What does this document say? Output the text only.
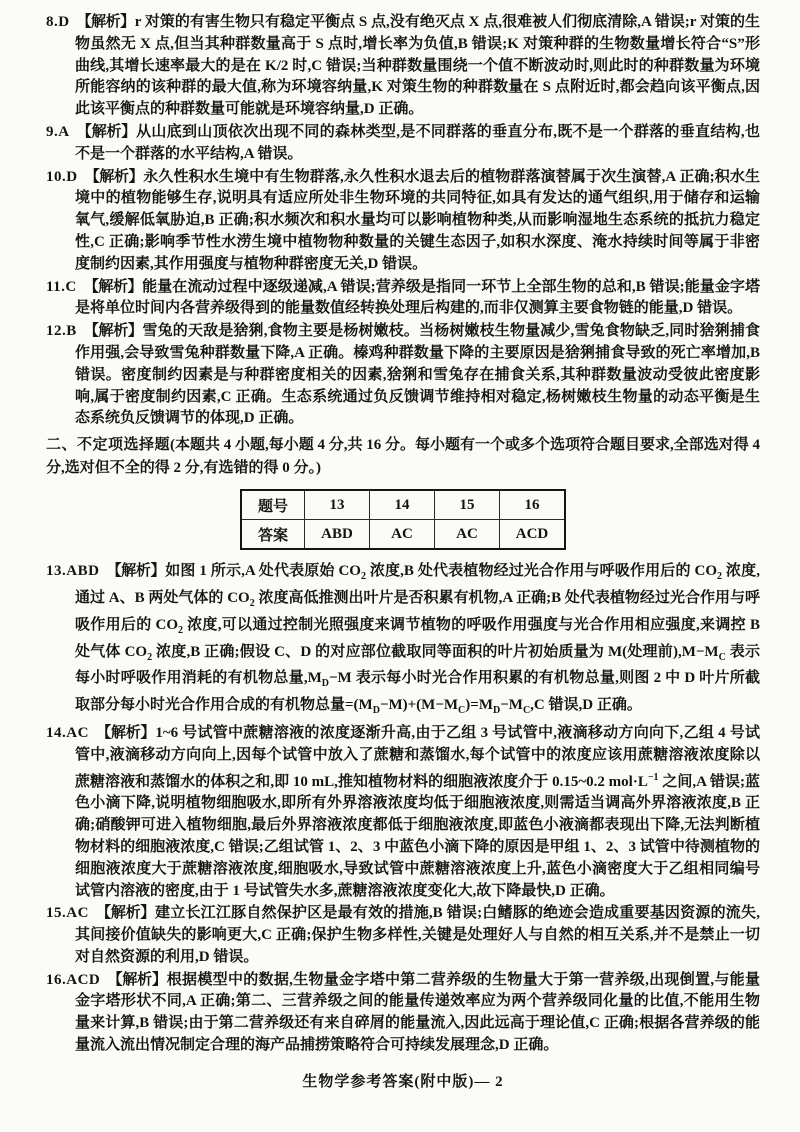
8.D 【解析】r 对策的有害生物只有稳定平衡点 S 点,没有绝灭点 X 点,很难被人们彻底清除,A 错误;r 对策的生物虽然无 X 点,但当其种群数量高于 S 点时,增长率为负值,B 错误;K 对策种群的生物数量增长符合“S”形曲线,其增长速率最大的是在 K/2 时,C 错误;当种群数量围绕一个值不断波动时,则此时的种群数量为环境所能容纳的该种群的最大值,称为环境容纳量,K 对策生物的种群数量在 S 点附近时,都会趋向该平衡点,因此该平衡点的种群数量可能就是环境容纳量,D 正确。

9.A 【解析】从山底到山顶依次出现不同的森林类型,是不同群落的垂直分布,既不是一个群落的垂直结构,也不是一个群落的水平结构,A 错误。

10.D 【解析】永久性积水生境中有生物群落,永久性积水退去后的植物群落演替属于次生演替,A 正确;积水生境中的植物能够生存,说明具有适应所处非生物环境的共同特征,如具有发达的通气组织,用于储存和运输氧气,缓解低氧胁迫,B 正确;积水频次和积水量均可以影响植物种类,从而影响湿地生态系统的抵抗力稳定性,C 正确;影响季节性水涝生境中植物物种数量的关键生态因子,如积水深度、淹水持续时间等属于非密度制约因素,其作用强度与植物种群密度无关,D 错误。

11.C 【解析】能量在流动过程中逐级递减,A 错误;营养级是指同一环节上全部生物的总和,B 错误;能量金字塔是将单位时间内各营养级得到的能量数值经转换处理后构建的,而非仅测算主要食物链的能量,D 错误。

12.B 【解析】雪兔的天敌是猞猁,食物主要是杨树嫩枝。当杨树嫩枝生物量减少,雪兔食物缺乏,同时猞猁捕食作用强,会导致雪兔种群数量下降,A 正确。榛鸡种群数量下降的主要原因是猞猁捕食导致的死亡率增加,B 错误。密度制约因素是与种群密度相关的因素,猞猁和雪兔存在捕食关系,其种群数量波动受彼此密度影响,属于密度制约因素,C 正确。生态系统通过负反馈调节维持相对稳定,杨树嫩枝生物量的动态平衡是生态系统负反馈调节的体现,D 正确。

二、不定项选择题(本题共 4 小题,每小题 4 分,共 16 分。每小题有一个或多个选项符合题目要求,全部选对得 4 分,选对但不全的得 2 分,有选错的得 0 分。)

题号	13	14	15	16
答案	ABD	AC	AC	ACD

13.ABD 【解析】如图 1 所示,A 处代表原始 $CO_2$ 浓度,B 处代表植物经过光合作用与呼吸作用后的 $CO_2$ 浓度,通过 A、B 两处气体的 $CO_2$ 浓度高低推测出叶片是否积累有机物,A 正确;B 处代表植物经过光合作用与呼吸作用后的 $CO_2$ 浓度,可以通过控制光照强度来调节植物的呼吸作用强度与光合作用相应强度,来调控 B 处气体 $CO_2$ 浓度,B 正确;假设 C、D 的对应部位截取同等面积的叶片初始质量为 M(处理前)$,M-M_C$ 表示每小时呼吸作用消耗的有机物总量$,M_D-M$ 表示每小时光合作用积累的有机物总量,则图 2 中 D 叶片所截取部分每小时光合作用合成的有机物总量$=(M_D-M)+(M-M_C)=M_D-M_C,C$ 错误,D 正确。

14.AC 【解析】1~6 号试管中蔗糖溶液的浓度逐渐升高,由于乙组 3 号试管中,液滴移动方向向下,乙组 4 号试管中,液滴移动方向向上,因每个试管中放入了蔗糖和蒸馏水,每个试管中的浓度应该用蔗糖溶液浓度除以蔗糖溶液和蒸馏水的体积之和,即 10 mL,推知植物材料的细胞液浓度介于 0.15~0.2 $mol\cdot L^{-1}$ 之间,A 错误;蓝色小滴下降,说明植物细胞吸水,即所有外界溶液浓度均低于细胞液浓度,则需适当调高外界溶液浓度,B 正确;硝酸钾可进入植物细胞,最后外界溶液浓度都低于细胞液浓度,即蓝色小液滴都表现出下降,无法判断植物材料的细胞液浓度,C 错误;乙组试管 1、2、3 中蓝色小滴下降的原因是甲组 1、2、3 试管中待测植物的细胞液浓度大于蔗糖溶液浓度,细胞吸水,导致试管中蔗糖溶液浓度上升,蓝色小滴密度大于乙组相同编号试管内溶液的密度,由于 1 号试管失水多,蔗糖溶液浓度变化大,故下降最快,D 正确。

15.AC 【解析】建立长江江豚自然保护区是最有效的措施,B 错误;白鳍豚的绝迹会造成重要基因资源的流失,其间接价值缺失的影响更大,C 正确;保护生物多样性,关键是处理好人与自然的相互关系,并不是禁止一切对自然资源的利用,D 错误。

16.ACD 【解析】根据模型中的数据,生物量金字塔中第二营养级的生物量大于第一营养级,出现倒置,与能量金字塔形状不同,A 正确;第二、三营养级之间的能量传递效率应为两个营养级同化量的比值,不能用生物量来计算,B 错误;由于第二营养级还有来自碎屑的能量流入,因此远高于理论值,C 正确;根据各营养级的能量流入流出情况制定合理的海产品捕捞策略符合可持续发展理念,D 正确。

生物学参考答案(附中版)— 2
